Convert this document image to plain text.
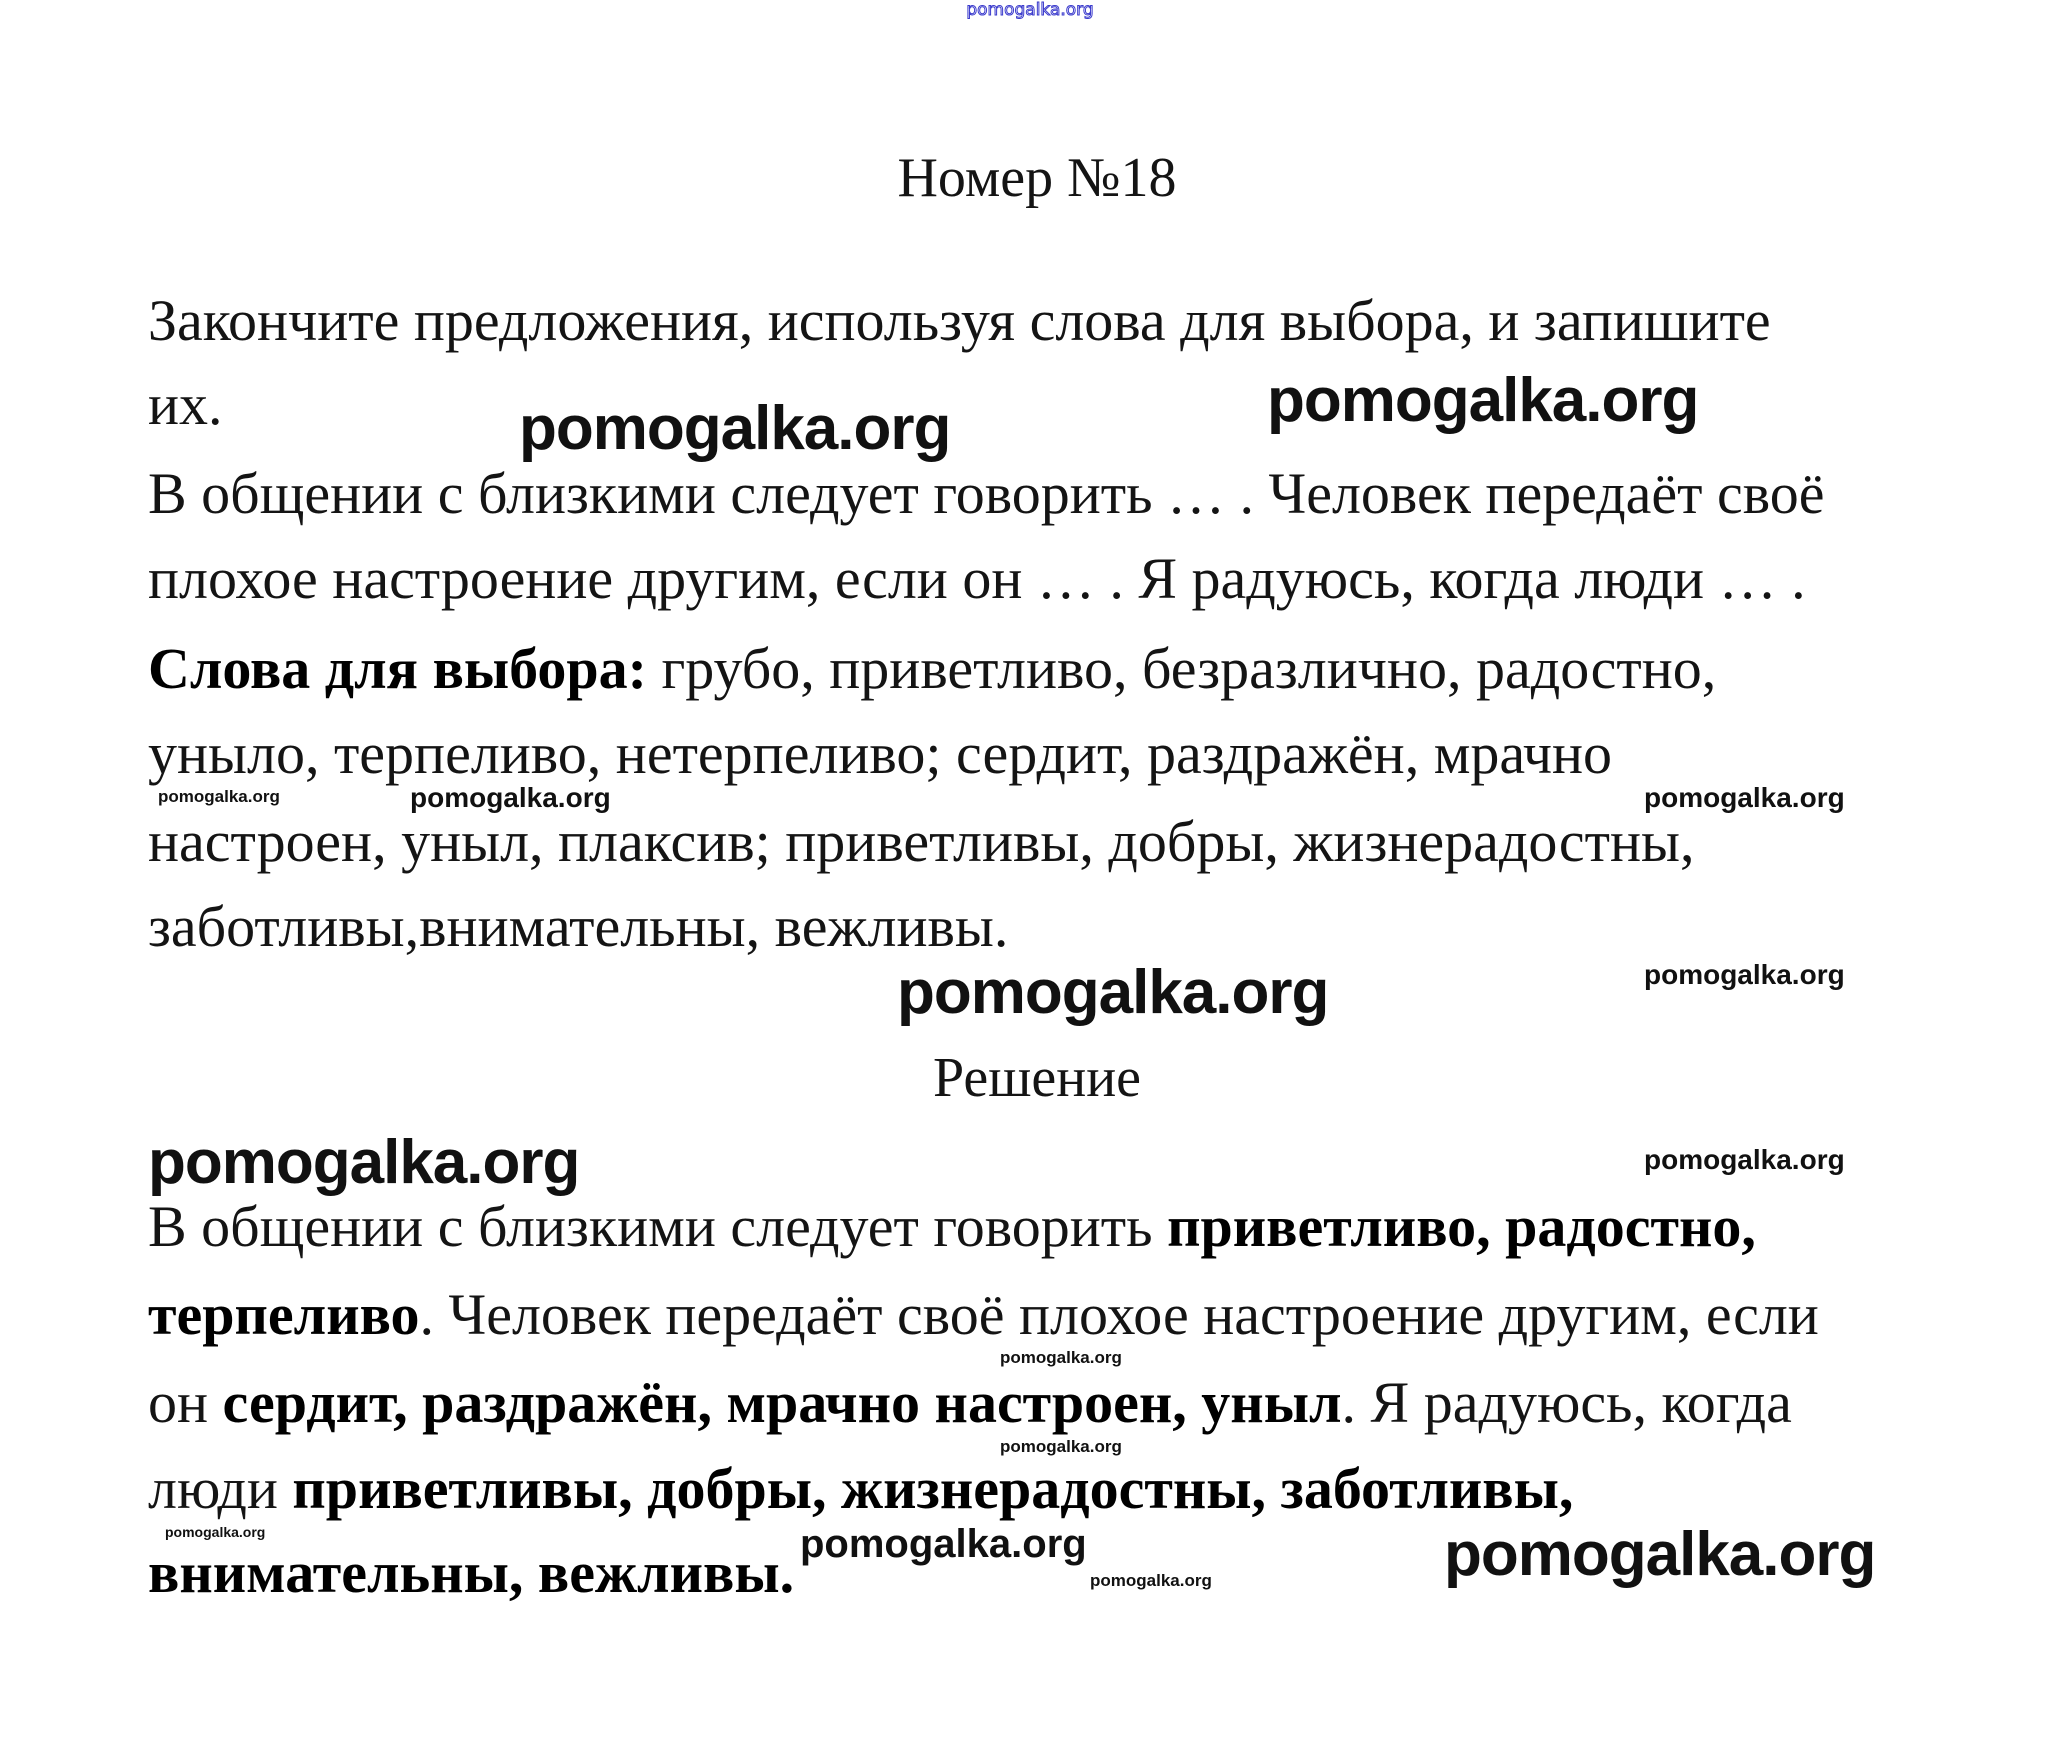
pomogalka.org
Номер №18
Закончите предложения, используя слова для выбора, и запишите
их.
В общении с близкими следует говорить … . Человек передаёт своё
плохое настроение другим, если он … . Я радуюсь, когда люди … .
Слова для выбора: грубо, приветливо, безразлично, радостно,
уныло, терпеливо, нетерпеливо; сердит, раздражён, мрачно
настроен, уныл, плаксив; приветливы, добры, жизнерадостны,
заботливы,внимательны, вежливы.
Решение
В общении с близкими следует говорить приветливо, радостно,
терпеливо. Человек передаёт своё плохое настроение другим, если
он сердит, раздражён, мрачно настроен, уныл. Я радуюсь, когда
люди приветливы, добры, жизнерадостны, заботливы,
внимательны, вежливы.
pomogalka.org
pomogalka.org
pomogalka.org
pomogalka.org
pomogalka.org
pomogalka.org
pomogalka.org
pomogalka.org
pomogalka.org
pomogalka.org
pomogalka.org
pomogalka.org
pomogalka.org
pomogalka.org
pomogalka.org
